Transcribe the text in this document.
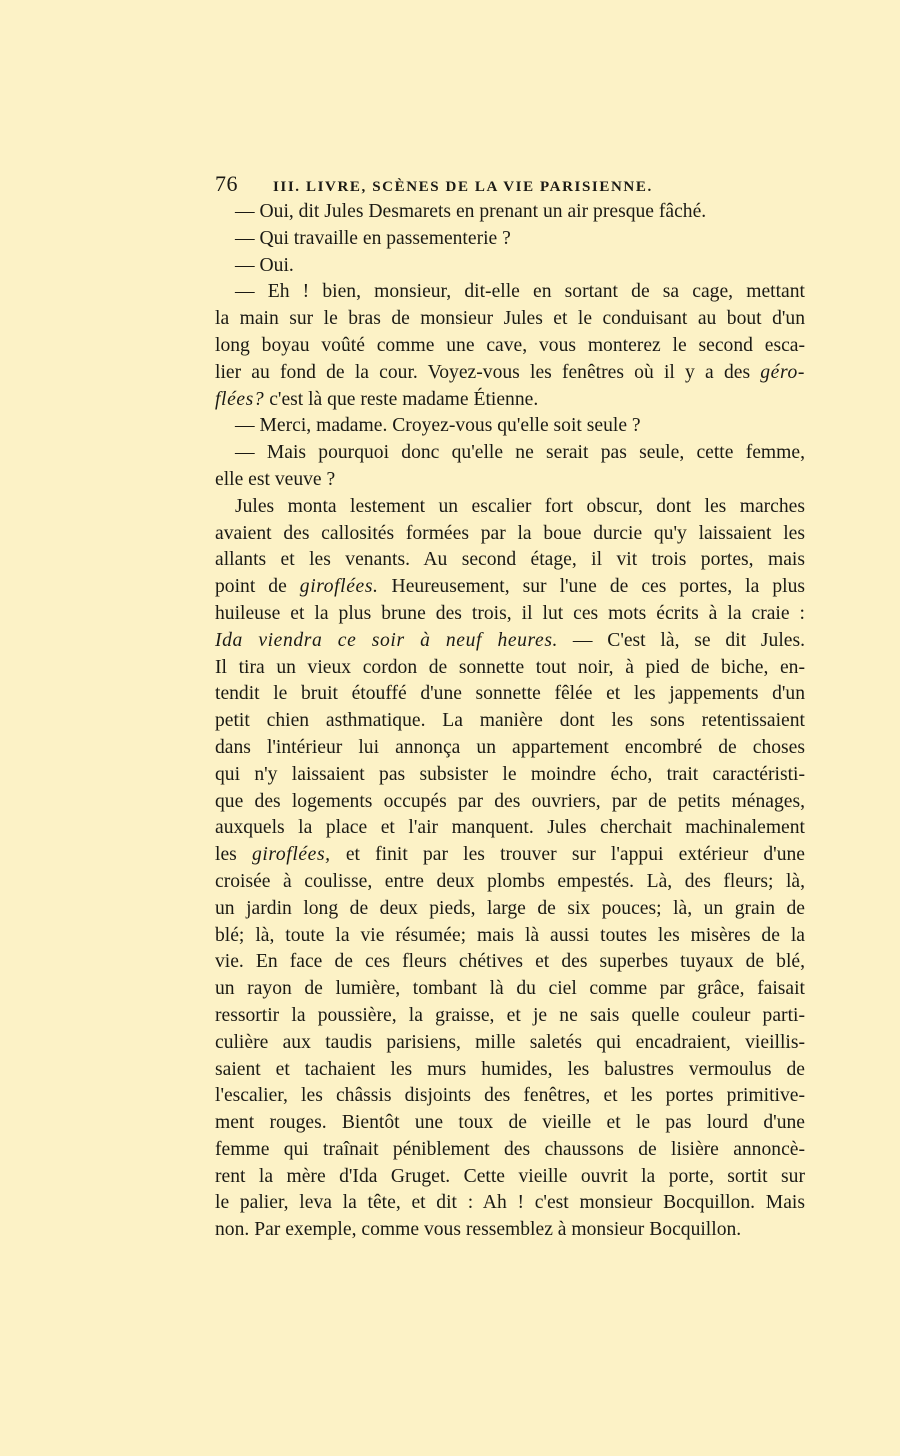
76	III. LIVRE, SCÈNES DE LA VIE PARISIENNE.
— Oui, dit Jules Desmarets en prenant un air presque fâché.
— Qui travaille en passementerie ?
— Oui.
— Eh ! bien, monsieur, dit-elle en sortant de sa cage, mettant
la main sur le bras de monsieur Jules et le conduisant au bout d'un
long boyau voûté comme une cave, vous monterez le second esca-
lier au fond de la cour. Voyez-vous les fenêtres où il y a des géro-
flées? c'est là que reste madame Étienne.
— Merci, madame. Croyez-vous qu'elle soit seule ?
— Mais pourquoi donc qu'elle ne serait pas seule, cette femme,
elle est veuve ?
Jules monta lestement un escalier fort obscur, dont les marches
avaient des callosités formées par la boue durcie qu'y laissaient les
allants et les venants. Au second étage, il vit trois portes, mais
point de giroflées. Heureusement, sur l'une de ces portes, la plus
huileuse et la plus brune des trois, il lut ces mots écrits à la craie :
Ida viendra ce soir à neuf heures. — C'est là, se dit Jules.
Il tira un vieux cordon de sonnette tout noir, à pied de biche, en-
tendit le bruit étouffé d'une sonnette fêlée et les jappements d'un
petit chien asthmatique. La manière dont les sons retentissaient
dans l'intérieur lui annonça un appartement encombré de choses
qui n'y laissaient pas subsister le moindre écho, trait caractéristi-
que des logements occupés par des ouvriers, par de petits ménages,
auxquels la place et l'air manquent. Jules cherchait machinalement
les giroflées, et finit par les trouver sur l'appui extérieur d'une
croisée à coulisse, entre deux plombs empestés. Là, des fleurs; là,
un jardin long de deux pieds, large de six pouces; là, un grain de
blé; là, toute la vie résumée; mais là aussi toutes les misères de la
vie. En face de ces fleurs chétives et des superbes tuyaux de blé,
un rayon de lumière, tombant là du ciel comme par grâce, faisait
ressortir la poussière, la graisse, et je ne sais quelle couleur parti-
culière aux taudis parisiens, mille saletés qui encadraient, vieillis-
saient et tachaient les murs humides, les balustres vermoulus de
l'escalier, les châssis disjoints des fenêtres, et les portes primitive-
ment rouges. Bientôt une toux de vieille et le pas lourd d'une
femme qui traînait péniblement des chaussons de lisière annoncè-
rent la mère d'Ida Gruget. Cette vieille ouvrit la porte, sortit sur
le palier, leva la tête, et dit : Ah ! c'est monsieur Bocquillon. Mais
non. Par exemple, comme vous ressemblez à monsieur Bocquillon.
